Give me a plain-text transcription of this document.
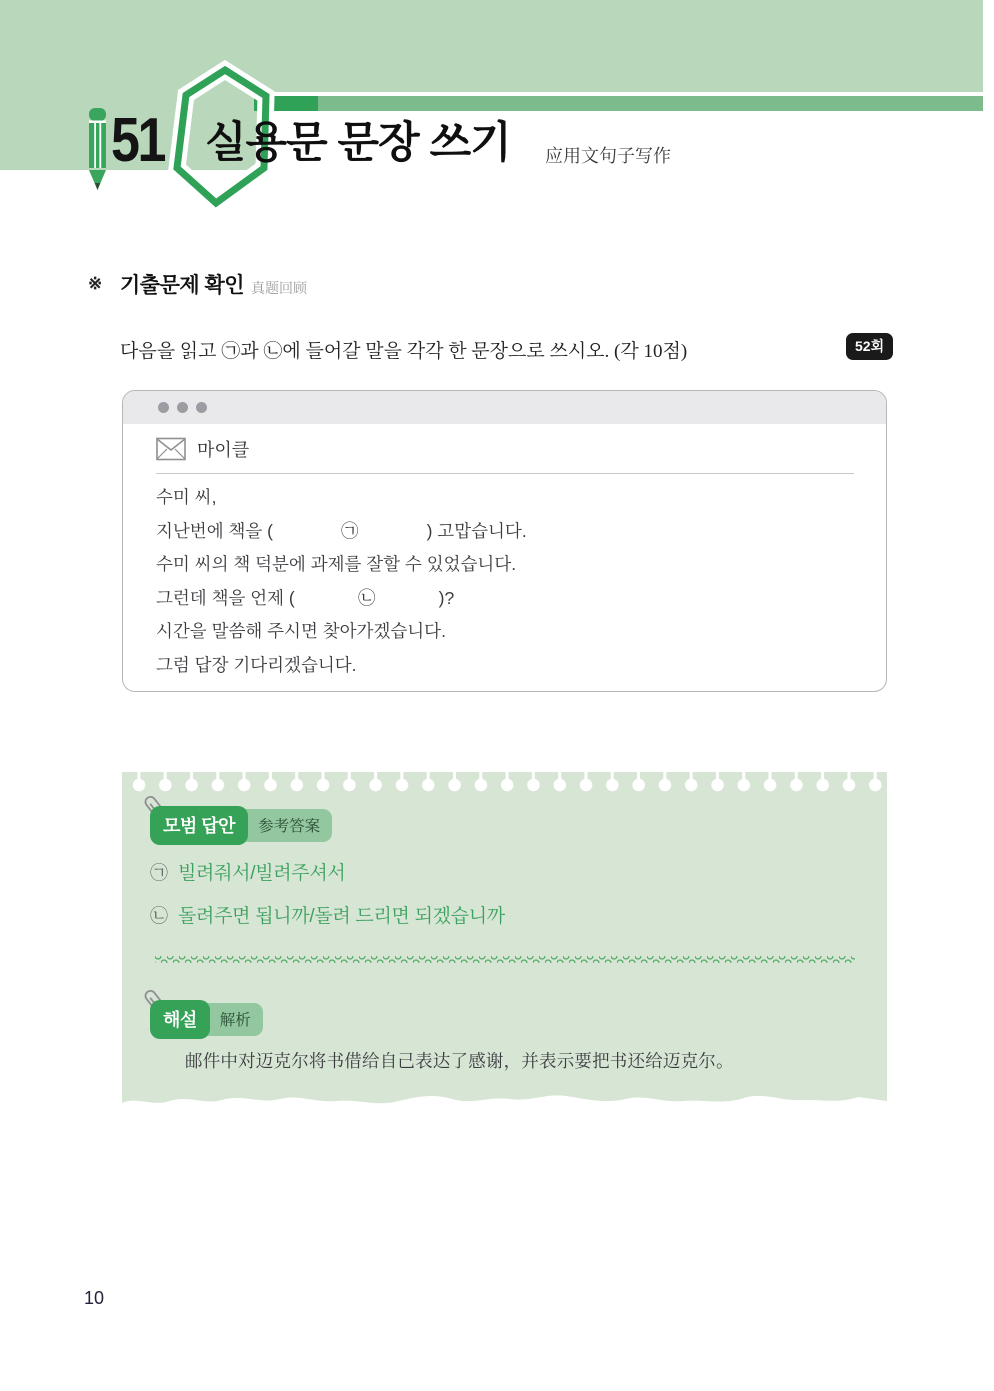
51 실용문 문장 쓰기 应用文句子写作
※ 기출문제 확인 真题回顾
다음을 읽고 ㉠과 ㉡에 들어갈 말을 각각 한 문장으로 쓰시오. (각 10점)	52회
마이클
수미 씨,
지난번에 책을 (              ㉠              ) 고맙습니다.
수미 씨의 책 덕분에 과제를 잘할 수 있었습니다.
그런데 책을 언제 (             ㉡             )?
시간을 말씀해 주시면 찾아가겠습니다.
그럼 답장 기다리겠습니다.
모범 답안	参考答案
㉠ 빌려줘서/빌려주셔서
㉡ 돌려주면 됩니까/돌려 드리면 되겠습니까
해설	解析
邮件中对迈克尔将书借给自己表达了感谢，并表示要把书还给迈克尔。
10
